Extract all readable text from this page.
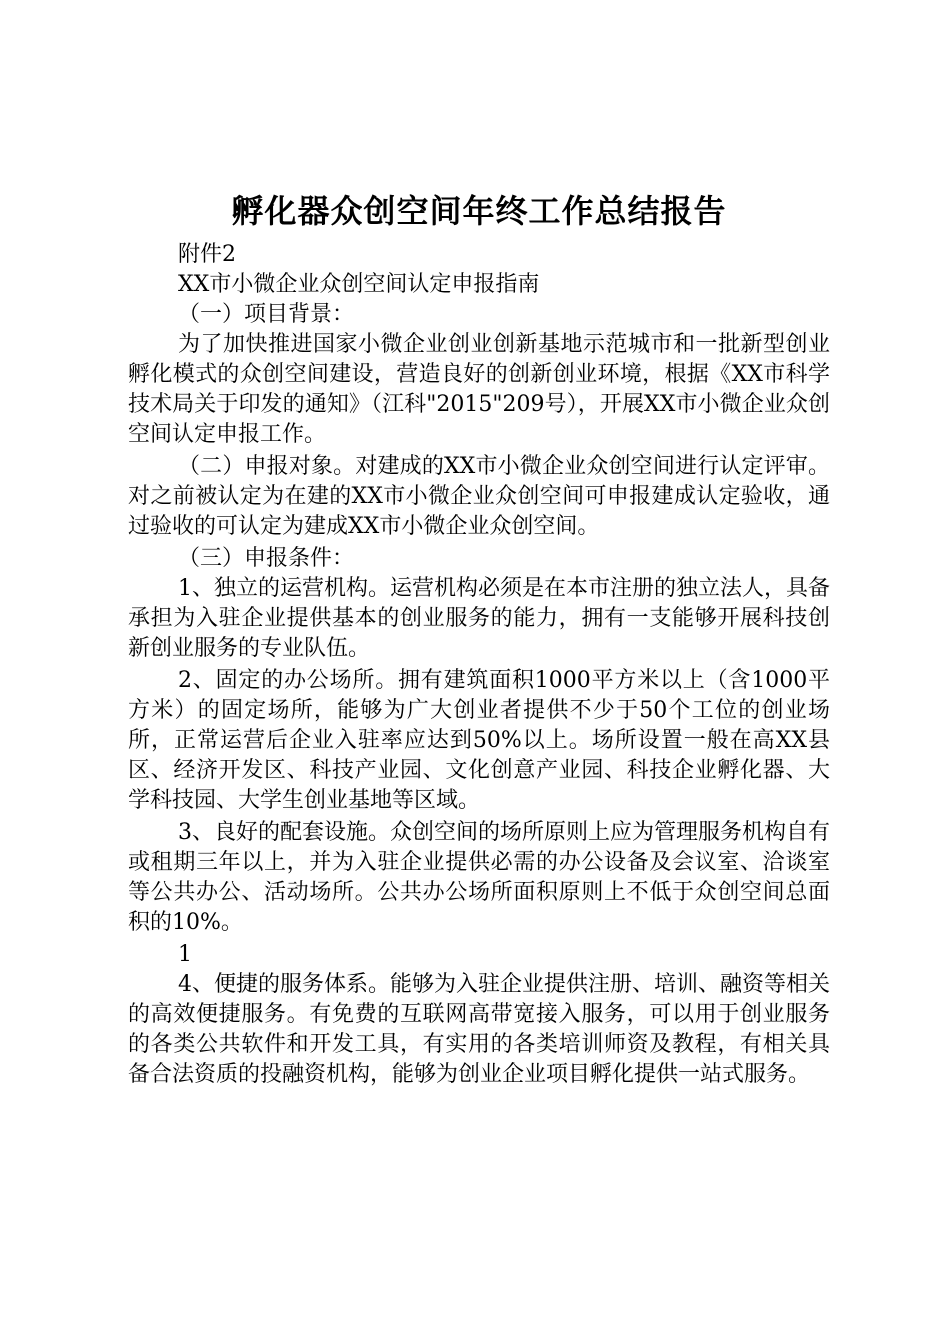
孵化器众创空间年终工作总结报告

附件2

XX市小微企业众创空间认定申报指南

（一）项目背景：

为了加快推进国家小微企业创业创新基地示范城市和一批新型创业孵化模式的众创空间建设，营造良好的创新创业环境，根据《XX市科学技术局关于印发的通知》（江科"2015"209号），开展XX市小微企业众创空间认定申报工作。

（二）申报对象。对建成的XX市小微企业众创空间进行认定评审。对之前被认定为在建的XX市小微企业众创空间可申报建成认定验收，通过验收的可认定为建成XX市小微企业众创空间。

（三）申报条件：

1、独立的运营机构。运营机构必须是在本市注册的独立法人，具备承担为入驻企业提供基本的创业服务的能力，拥有一支能够开展科技创新创业服务的专业队伍。

2、固定的办公场所。拥有建筑面积1000平方米以上（含1000平方米）的固定场所，能够为广大创业者提供不少于50个工位的创业场所，正常运营后企业入驻率应达到50%以上。场所设置一般在高XX县区、经济开发区、科技产业园、文化创意产业园、科技企业孵化器、大学科技园、大学生创业基地等区域。

3、良好的配套设施。众创空间的场所原则上应为管理服务机构自有或租期三年以上，并为入驻企业提供必需的办公设备及会议室、洽谈室等公共办公、活动场所。公共办公场所面积原则上不低于众创空间总面积的10%。

1

4、便捷的服务体系。能够为入驻企业提供注册、培训、融资等相关的高效便捷服务。有免费的互联网高带宽接入服务，可以用于创业服务的各类公共软件和开发工具，有实用的各类培训师资及教程，有相关具备合法资质的投融资机构，能够为创业企业项目孵化提供一站式服务。
